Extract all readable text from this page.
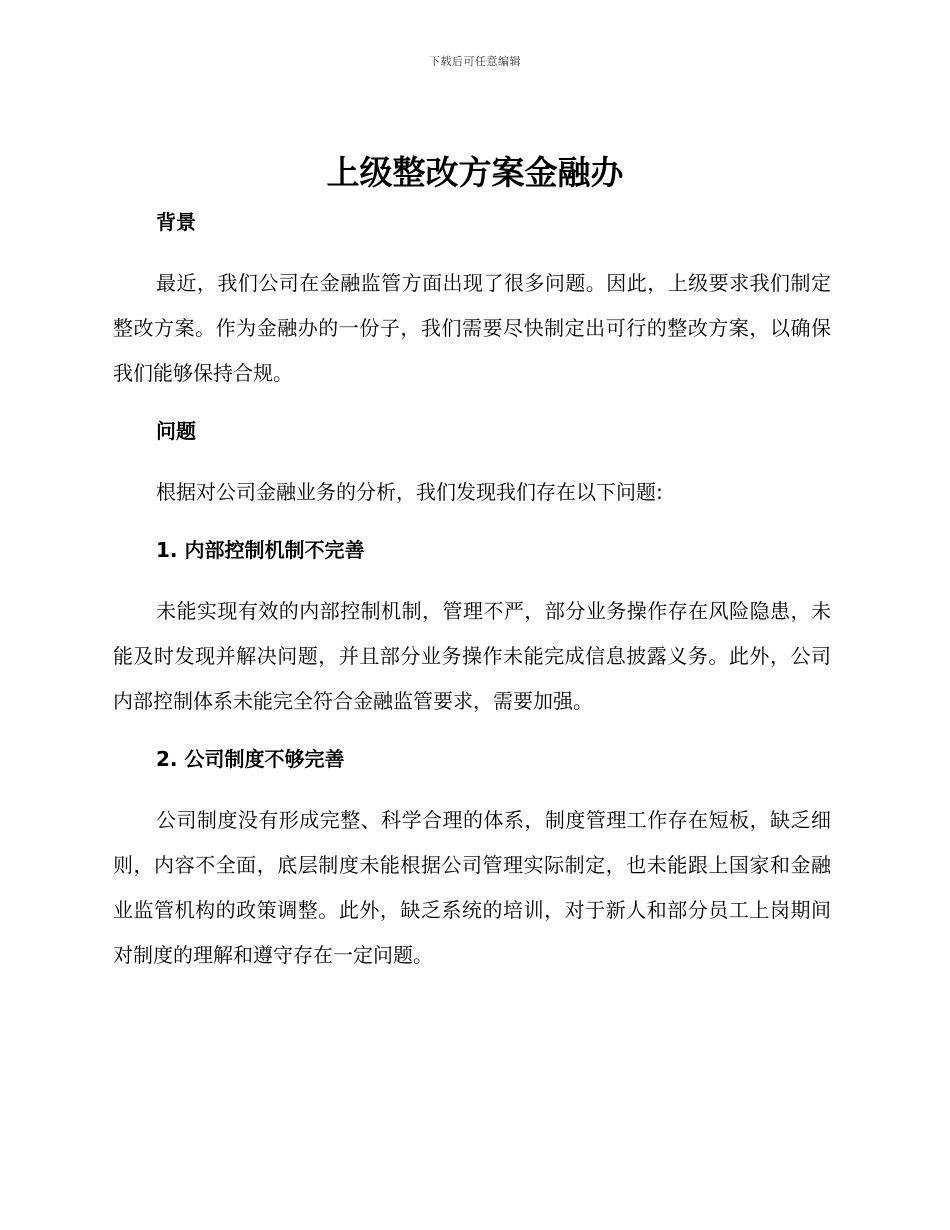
下载后可任意编辑
上级整改方案金融办
背景

最近，我们公司在金融监管方面出现了很多问题。因此，上级要求我们制定整改方案。作为金融办的一份子，我们需要尽快制定出可行的整改方案，以确保我们能够保持合规。

问题

根据对公司金融业务的分析，我们发现我们存在以下问题:

1. 内部控制机制不完善

未能实现有效的内部控制机制，管理不严，部分业务操作存在风险隐患，未能及时发现并解决问题，并且部分业务操作未能完成信息披露义务。此外，公司内部控制体系未能完全符合金融监管要求，需要加强。

2. 公司制度不够完善

公司制度没有形成完整、科学合理的体系，制度管理工作存在短板，缺乏细则，内容不全面，底层制度未能根据公司管理实际制定，也未能跟上国家和金融业监管机构的政策调整。此外，缺乏系统的培训，对于新人和部分员工上岗期间对制度的理解和遵守存在一定问题。
